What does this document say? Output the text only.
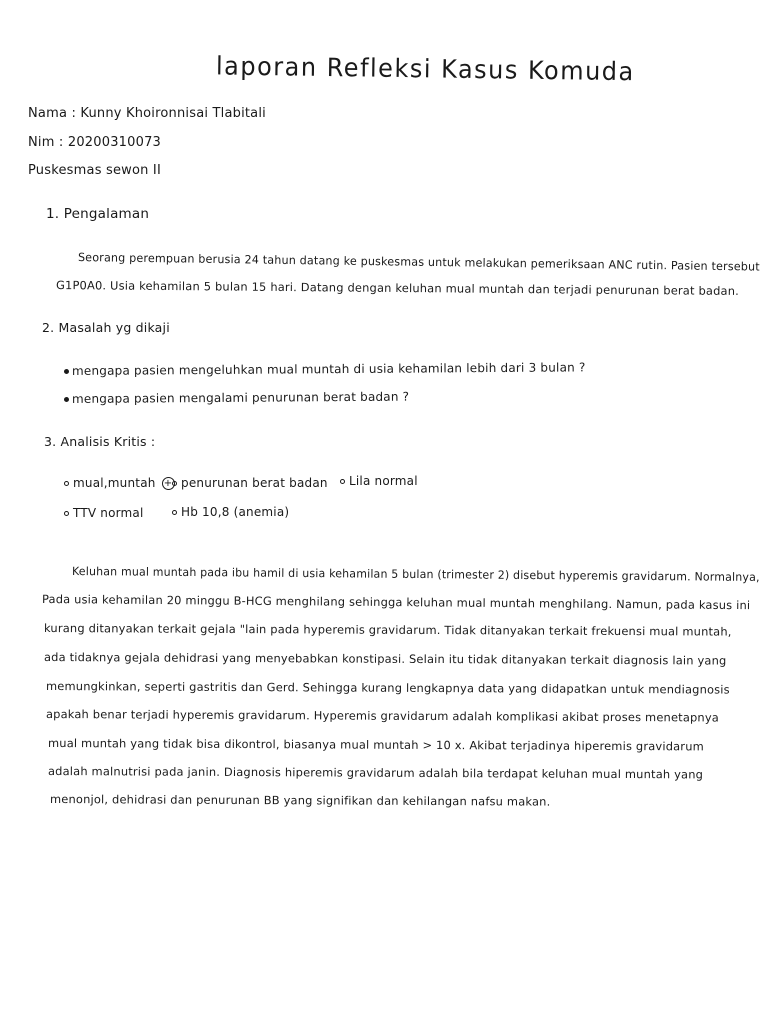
laporan Refleksi Kasus Komuda
Nama : Kunny Khoironnisai Tlabitali
Nim : 20200310073
Puskesmas sewon II
1. Pengalaman
Seorang perempuan berusia 24 tahun datang ke puskesmas untuk melakukan pemeriksaan ANC rutin. Pasien tersebut
G1P0A0. Usia kehamilan 5 bulan 15 hari. Datang dengan keluhan mual muntah dan terjadi penurunan berat badan.
2. Masalah yg dikaji
mengapa pasien mengeluhkan mual muntah di usia kehamilan lebih dari 3 bulan ?
mengapa pasien mengalami penurunan berat badan ?
3. Analisis Kritis :
mual,muntah + penurunan berat badan	Lila normal
TTV normal	Hb 10,8 (anemia)
Keluhan mual muntah pada ibu hamil di usia kehamilan 5 bulan (trimester 2) disebut hyperemis gravidarum. Normalnya,
Pada usia kehamilan 20 minggu B-HCG menghilang sehingga keluhan mual muntah menghilang. Namun, pada kasus ini
kurang ditanyakan terkait gejala "lain pada hyperemis gravidarum. Tidak ditanyakan terkait frekuensi mual muntah,
ada tidaknya gejala dehidrasi yang menyebabkan konstipasi. Selain itu tidak ditanyakan terkait diagnosis lain yang
memungkinkan, seperti gastritis dan Gerd. Sehingga kurang lengkapnya data yang didapatkan untuk mendiagnosis
apakah benar terjadi hyperemis gravidarum. Hyperemis gravidarum adalah komplikasi akibat proses menetapnya
mual muntah yang tidak bisa dikontrol, biasanya mual muntah > 10 x. Akibat terjadinya hiperemis gravidarum
adalah malnutrisi pada janin. Diagnosis hiperemis gravidarum adalah bila terdapat keluhan mual muntah yang
menonjol, dehidrasi dan penurunan BB yang signifikan dan kehilangan nafsu makan.
